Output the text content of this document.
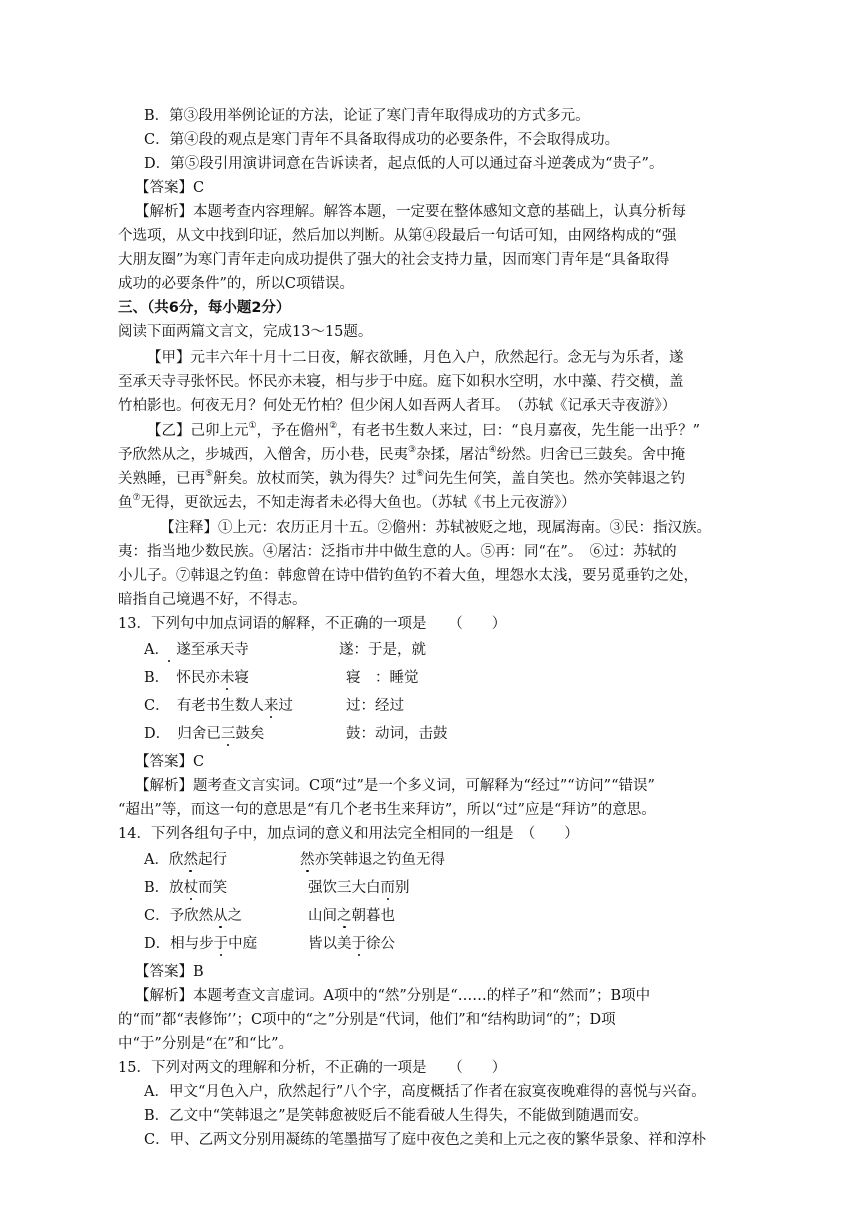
B．第③段用举例论证的方法，论证了寒门青年取得成功的方式多元。
C．第④段的观点是寒门青年不具备取得成功的必要条件，不会取得成功。
D．第⑤段引用演讲词意在告诉读者，起点低的人可以通过奋斗逆袭成为“贵子”。
【答案】C
【解析】本题考查内容理解。解答本题，一定要在整体感知文意的基础上，认真分析每
个选项，从文中找到印证，然后加以判断。从第④段最后一句话可知，由网络构成的“强
大朋友圈”为寒门青年走向成功提供了强大的社会支持力量，因而寒门青年是“具备取得
成功的必要条件”的，所以C项错误。
三、（共6分，每小题2分）
阅读下面两篇文言文，完成13～15题。
【甲】元丰六年十月十二日夜，解衣欲睡，月色入户，欣然起行。念无与为乐者，遂
至承天寺寻张怀民。怀民亦未寝，相与步于中庭。庭下如积水空明，水中藻、荇交横，盖
竹柏影也。何夜无月？何处无竹柏？但少闲人如吾两人者耳。　（苏轼《记承天寺夜游》）
【乙】己卯上元①，予在儋州②，有老书生数人来过，曰：“良月嘉夜，先生能一出乎？”
予欣然从之，步城西，入僧舍，历小巷，民夷③杂揉，屠沽④纷然。归舍已三鼓矣。舍中掩
关熟睡，已再⑤鼾矣。放杖而笑，孰为得失？过⑥问先生何笑，盖自笑也。然亦笑韩退之钓
鱼⑦无得，更欲远去，不知走海者未必得大鱼也。（苏轼《书上元夜游》）
【注释】①上元：农历正月十五。②儋州：苏轼被贬之地，现属海南。③民：指汉族。
夷：指当地少数民族。④屠沽：泛指市井中做生意的人。⑤再：同“在”。　⑥过：苏轼的
小儿子。⑦韩退之钓鱼：韩愈曾在诗中借钓鱼钓不着大鱼，埋怨水太浅，要另觅垂钓之处，
暗指自己境遇不好，不得志。
13．下列句中加点词语的解释，不正确的一项是　　（　　）
A．　 遂至承天寺	遂：于是，就
B．　 怀民亦未寝	寝　：睡觉
C．　 有老书生数人来过	过：经过
D．　 归舍已三鼓矣	鼓：动词，击鼓
【答案】C
【解析】题考查文言实词。C项“过”是一个多义词，可解释为“经过”“访问”“错误”
“超出”等，而这一句的意思是“有几个老书生来拜访”，所以“过”应是“拜访”的意思。
14．下列各组句子中，加点词的意义和用法完全相同的一组是　（　　）
A．欣然起行	然亦笑韩退之钓鱼无得
B．放杖而笑	强饮三大白而别
C．予欣然从之	山间之朝暮也
D．相与步于中庭	皆以美于徐公
【答案】B
【解析】本题考查文言虚词。A项中的“然”分别是“……的样子”和“然而”；B项中
的“而”都“表修饰’’；C项中的“之”分别是“代词，他们”和“结构助词“的”；D项
中“于”分别是“在”和“比”。
15．下列对两文的理解和分析，不正确的一项是　　（　　）
A．甲文“月色入户，欣然起行”八个字，高度概括了作者在寂寞夜晚难得的喜悦与兴奋。
B．乙文中“笑韩退之”是笑韩愈被贬后不能看破人生得失，不能做到随遇而安。
C．甲、乙两文分别用凝练的笔墨描写了庭中夜色之美和上元之夜的繁华景象、祥和淳朴
